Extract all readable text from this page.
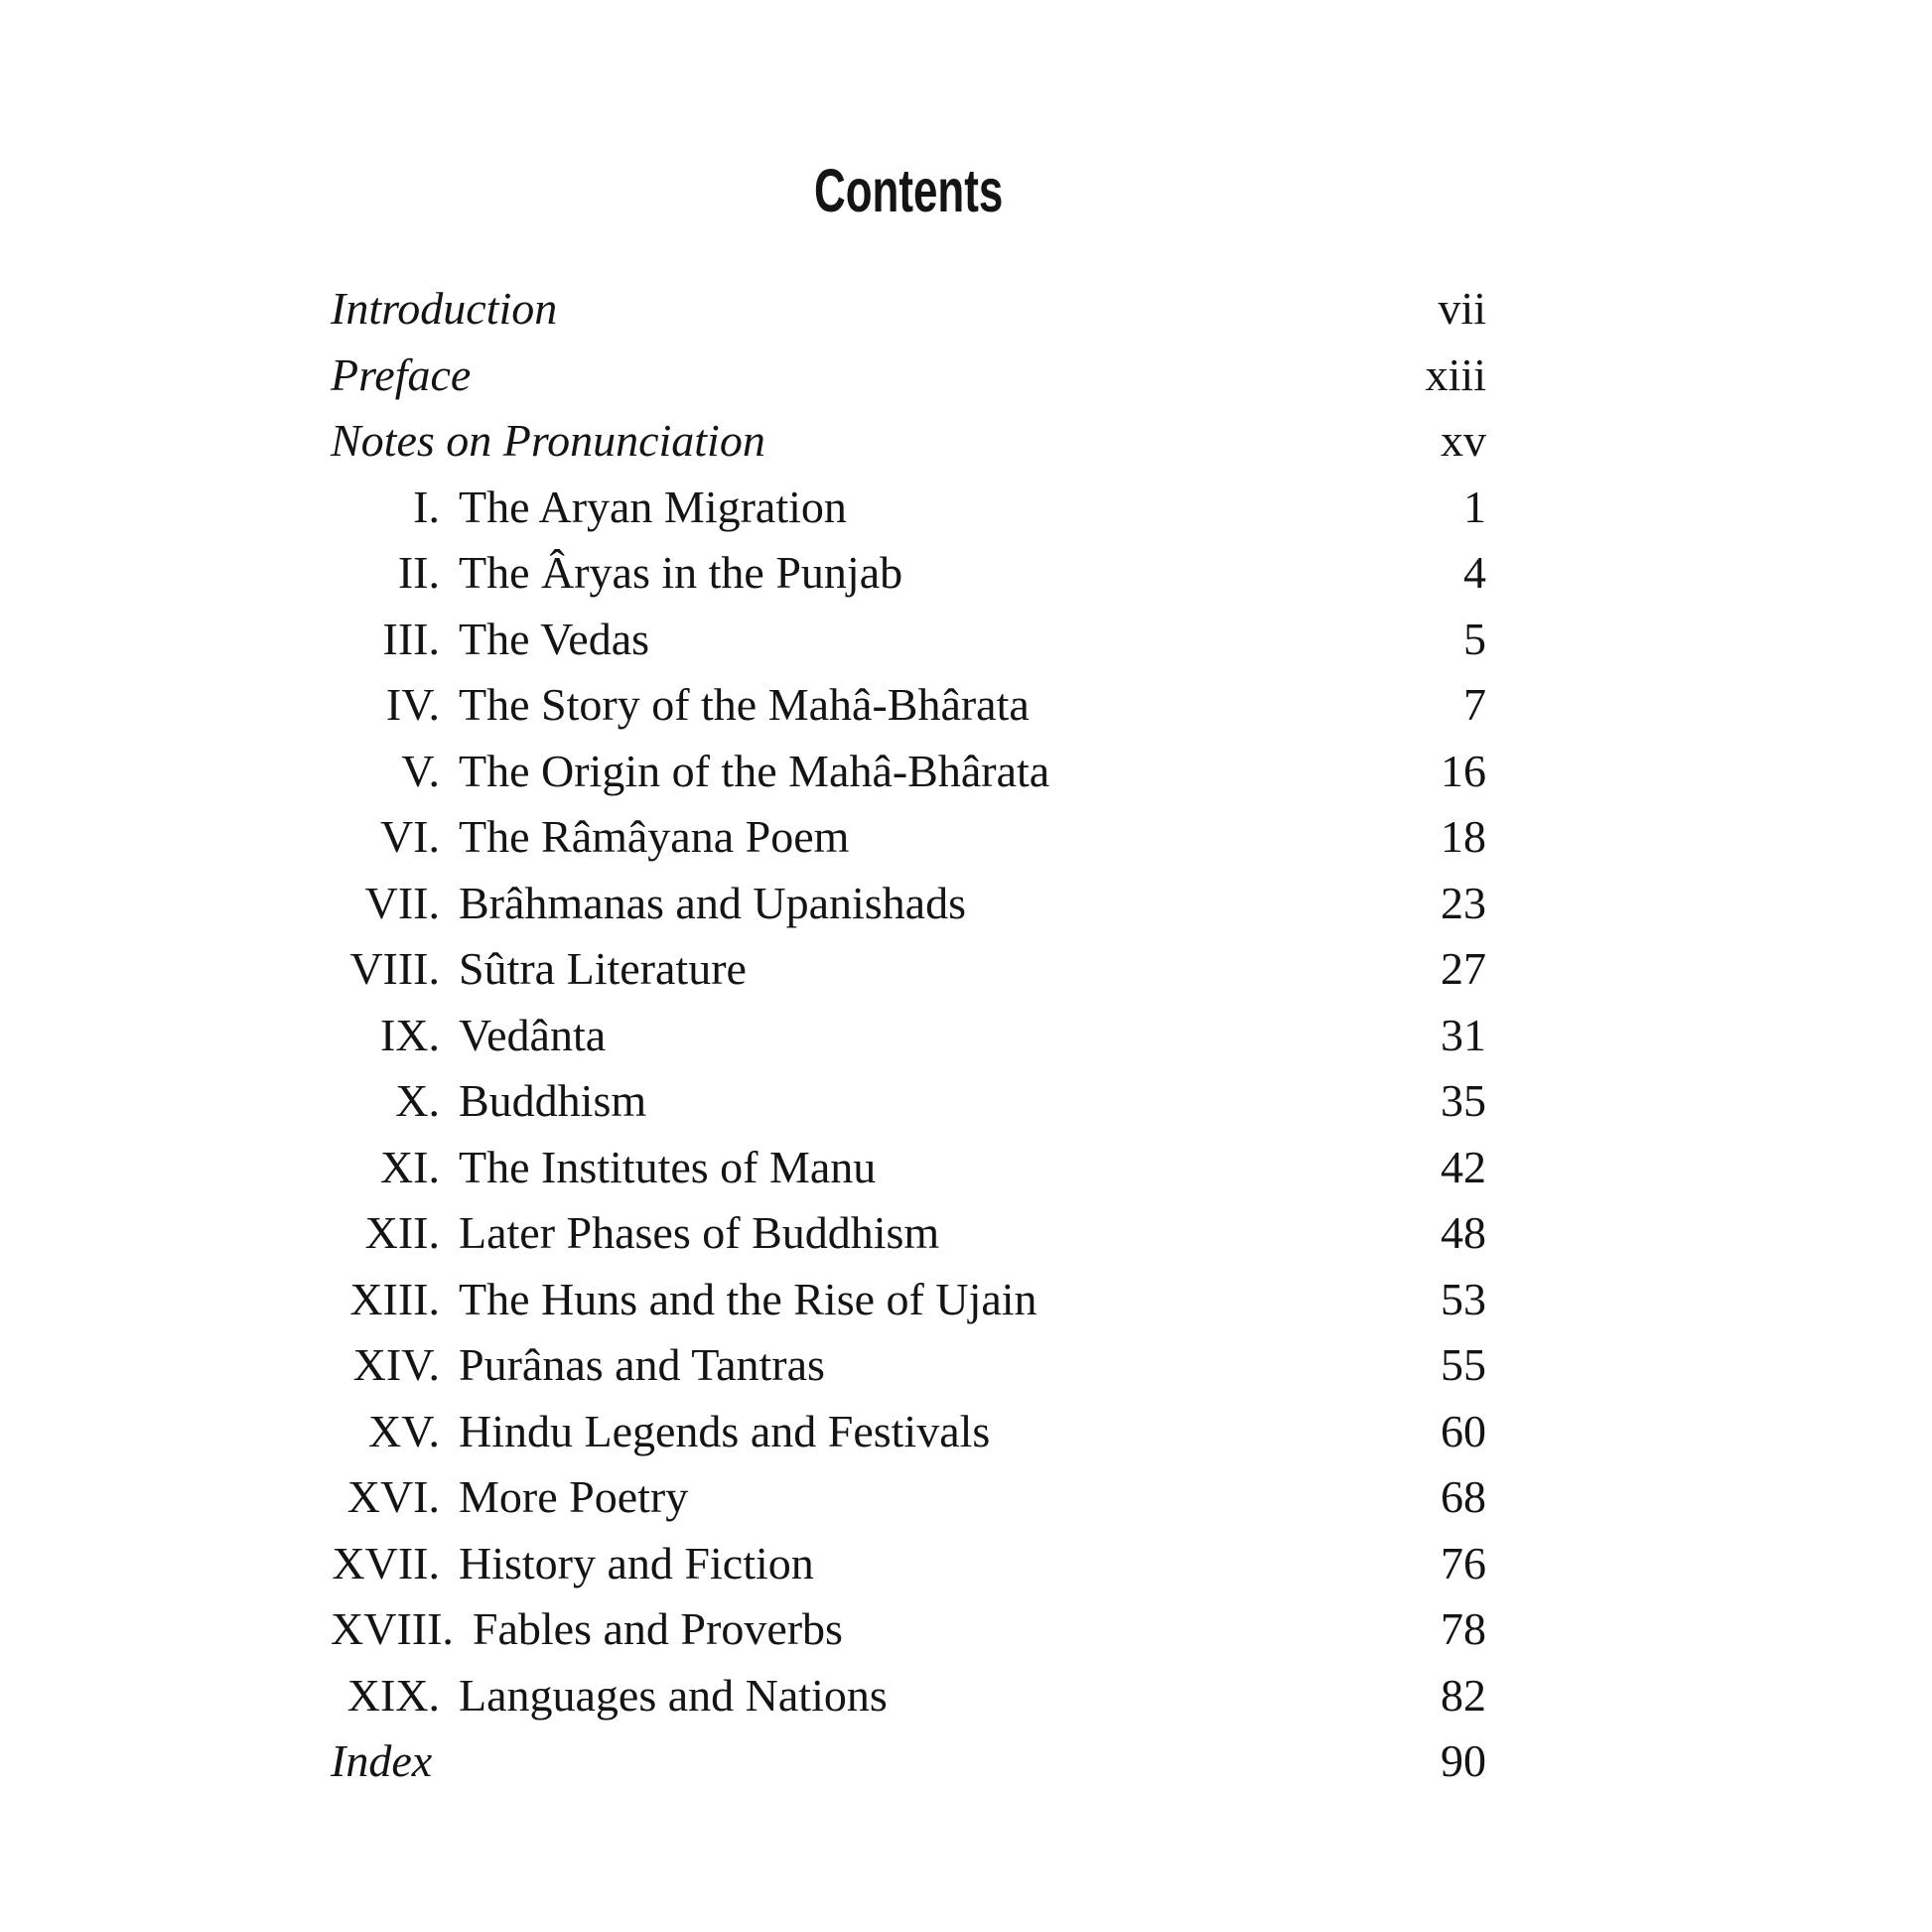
Contents
Introduction	vii
Preface	xiii
Notes on Pronunciation	xv
I. The Aryan Migration	1
II. The Âryas in the Punjab	4
III. The Vedas	5
IV. The Story of the Mahâ-Bhârata	7
V. The Origin of the Mahâ-Bhârata	16
VI. The Râmâyana Poem	18
VII. Brâhmanas and Upanishads	23
VIII. Sûtra Literature	27
IX. Vedânta	31
X. Buddhism	35
XI. The Institutes of Manu	42
XII. Later Phases of Buddhism	48
XIII. The Huns and the Rise of Ujain	53
XIV. Purânas and Tantras	55
XV. Hindu Legends and Festivals	60
XVI. More Poetry	68
XVII. History and Fiction	76
XVIII. Fables and Proverbs	78
XIX. Languages and Nations	82
Index	90
